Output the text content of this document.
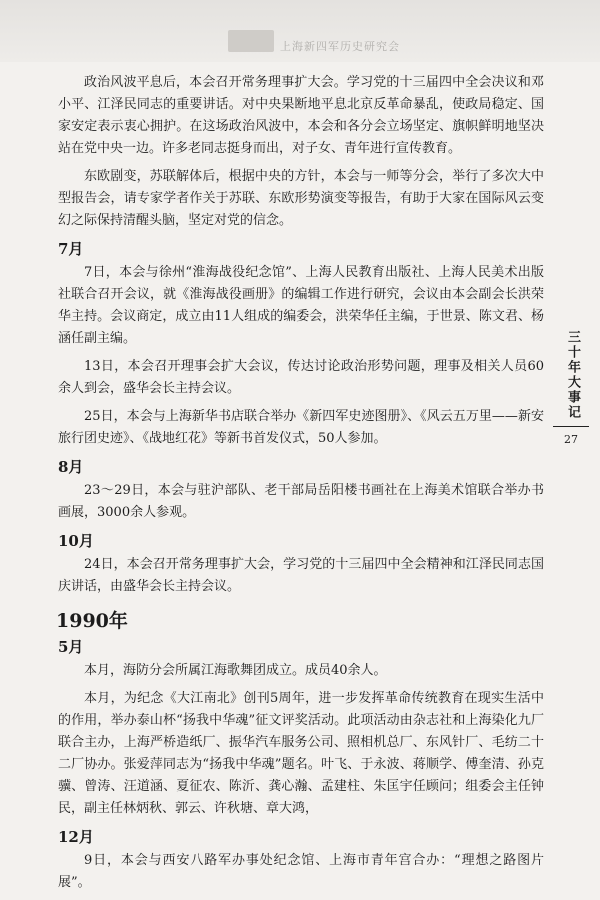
上海新四军历史研究会

政治风波平息后，本会召开常务理事扩大会。学习党的十三届四中全会决议和邓小平、江泽民同志的重要讲话。对中央果断地平息北京反革命暴乱，使政局稳定、国家安定表示衷心拥护。在这场政治风波中，本会和各分会立场坚定、旗帜鲜明地坚决站在党中央一边。许多老同志挺身而出，对子女、青年进行宣传教育。

东欧剧变，苏联解体后，根据中央的方针，本会与一师等分会，举行了多次大中型报告会，请专家学者作关于苏联、东欧形势演变等报告，有助于大家在国际风云变幻之际保持清醒头脑，坚定对党的信念。

7月

7日，本会与徐州“淮海战役纪念馆”、上海人民教育出版社、上海人民美术出版社联合召开会议，就《淮海战役画册》的编辑工作进行研究，会议由本会副会长洪荣华主持。会议商定，成立由11人组成的编委会，洪荣华任主编，于世景、陈文君、杨涵任副主编。

13日，本会召开理事会扩大会议，传达讨论政治形势问题，理事及相关人员60余人到会，盛华会长主持会议。

25日，本会与上海新华书店联合举办《新四军史迹图册》、《风云五万里——新安旅行团史迹》、《战地红花》等新书首发仪式，50人参加。

8月

23～29日，本会与驻沪部队、老干部局岳阳楼书画社在上海美术馆联合举办书画展，3000余人参观。

10月

24日，本会召开常务理事扩大会，学习党的十三届四中全会精神和江泽民同志国庆讲话，由盛华会长主持会议。

1990年
5月

本月，海防分会所属江海歌舞团成立。成员40余人。

本月，为纪念《大江南北》创刊5周年，进一步发挥革命传统教育在现实生活中的作用，举办泰山杯“扬我中华魂”征文评奖活动。此项活动由杂志社和上海染化九厂联合主办，上海严桥造纸厂、振华汽车服务公司、照相机总厂、东风针厂、毛纺二十二厂协办。张爱萍同志为“扬我中华魂”题名。叶飞、于永波、蒋顺学、傅奎清、孙克骥、曾涛、汪道涵、夏征农、陈沂、龚心瀚、孟建柱、朱匡宇任顾问；组委会主任钟民，副主任林炳秋、郭云、许秋塘、章大鸿，

12月

9日，本会与西安八路军办事处纪念馆、上海市青年宫合办：“理想之路图片展”。

三十年大事记
27
